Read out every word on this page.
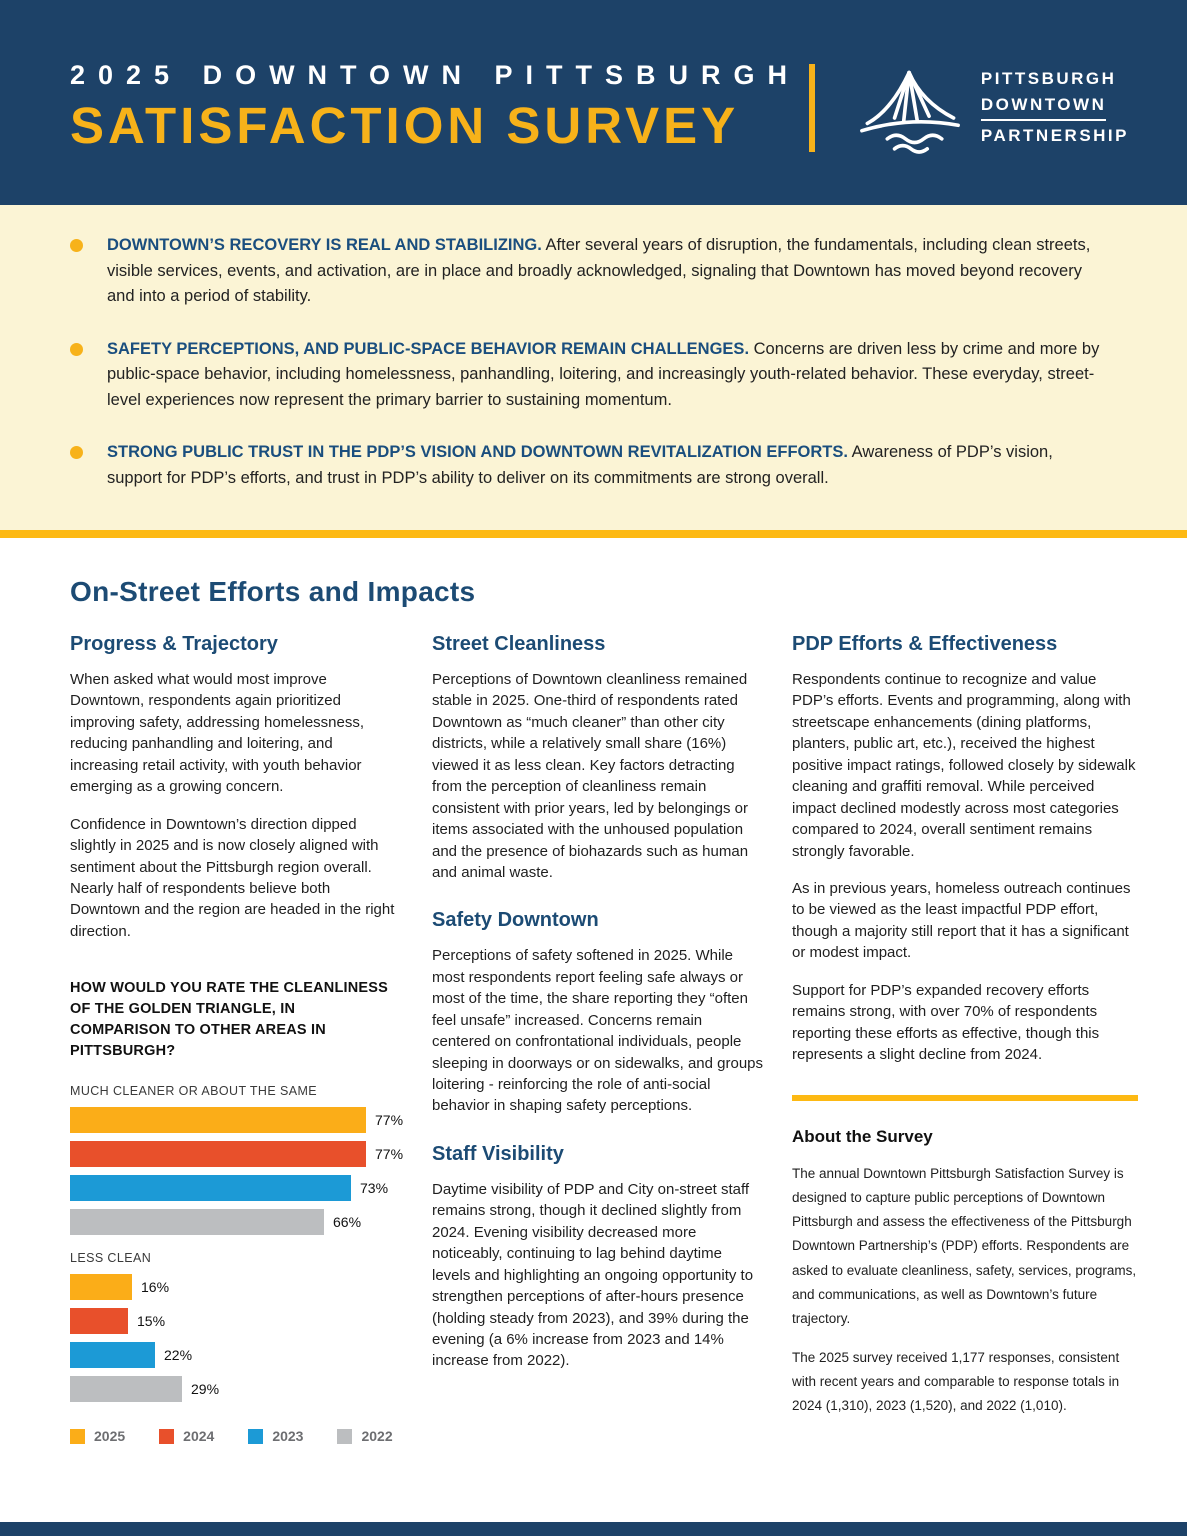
2025 DOWNTOWN PITTSBURGH
SATISFACTION SURVEY
PITTSBURGH
DOWNTOWN
PARTNERSHIP

DOWNTOWN’S RECOVERY IS REAL AND STABILIZING. After several years of disruption, the fundamentals, including clean streets, visible services, events, and activation, are in place and broadly acknowledged, signaling that Downtown has moved beyond recovery and into a period of stability.

SAFETY PERCEPTIONS, AND PUBLIC-SPACE BEHAVIOR REMAIN CHALLENGES. Concerns are driven less by crime and more by public-space behavior, including homelessness, panhandling, loitering, and increasingly youth-related behavior. These everyday, street-level experiences now represent the primary barrier to sustaining momentum.

STRONG PUBLIC TRUST IN THE PDP’S VISION AND DOWNTOWN REVITALIZATION EFFORTS. Awareness of PDP’s vision, support for PDP’s efforts, and trust in PDP’s ability to deliver on its commitments are strong overall.

On-Street Efforts and Impacts
Progress & Trajectory

When asked what would most improve Downtown, respondents again prioritized improving safety, addressing homelessness, reducing panhandling and loitering, and increasing retail activity, with youth behavior emerging as a growing concern.

Confidence in Downtown’s direction dipped slightly in 2025 and is now closely aligned with sentiment about the Pittsburgh region overall. Nearly half of respondents believe both Downtown and the region are headed in the right direction.

HOW WOULD YOU RATE THE CLEANLINESS OF THE GOLDEN TRIANGLE, IN COMPARISON TO OTHER AREAS IN PITTSBURGH?
MUCH CLEANER OR ABOUT THE SAME
77%
77%
73%
66%
LESS CLEAN
16%
15%
22%
29%
2025	2024	2023	2022
Street Cleanliness

Perceptions of Downtown cleanliness remained stable in 2025. One-third of respondents rated Downtown as “much cleaner” than other city districts, while a relatively small share (16%) viewed it as less clean. Key factors detracting from the perception of cleanliness remain consistent with prior years, led by belongings or items associated with the unhoused population and the presence of biohazards such as human and animal waste.

Safety Downtown

Perceptions of safety softened in 2025. While most respondents report feeling safe always or most of the time, the share reporting they “often feel unsafe” increased. Concerns remain centered on confrontational individuals, people sleeping in doorways or on sidewalks, and groups loitering - reinforcing the role of anti-social behavior in shaping safety perceptions.

Staff Visibility

Daytime visibility of PDP and City on-street staff remains strong, though it declined slightly from 2024. Evening visibility decreased more noticeably, continuing to lag behind daytime levels and highlighting an ongoing opportunity to strengthen perceptions of after-hours presence (holding steady from 2023), and 39% during the evening (a 6% increase from 2023 and 14% increase from 2022).

PDP Efforts & Effectiveness

Respondents continue to recognize and value PDP’s efforts. Events and programming, along with streetscape enhancements (dining platforms, planters, public art, etc.), received the highest positive impact ratings, followed closely by sidewalk cleaning and graffiti removal. While perceived impact declined modestly across most categories compared to 2024, overall sentiment remains strongly favorable.

As in previous years, homeless outreach continues to be viewed as the least impactful PDP effort, though a majority still report that it has a significant or modest impact.

Support for PDP’s expanded recovery efforts remains strong, with over 70% of respondents reporting these efforts as effective, though this represents a slight decline from 2024.

About the Survey

The annual Downtown Pittsburgh Satisfaction Survey is designed to capture public perceptions of Downtown Pittsburgh and assess the effectiveness of the Pittsburgh Downtown Partnership’s (PDP) efforts. Respondents are asked to evaluate cleanliness, safety, services, programs, and communications, as well as Downtown’s future trajectory.

The 2025 survey received 1,177 responses, consistent with recent years and comparable to response totals in 2024 (1,310), 2023 (1,520), and 2022 (1,010).
